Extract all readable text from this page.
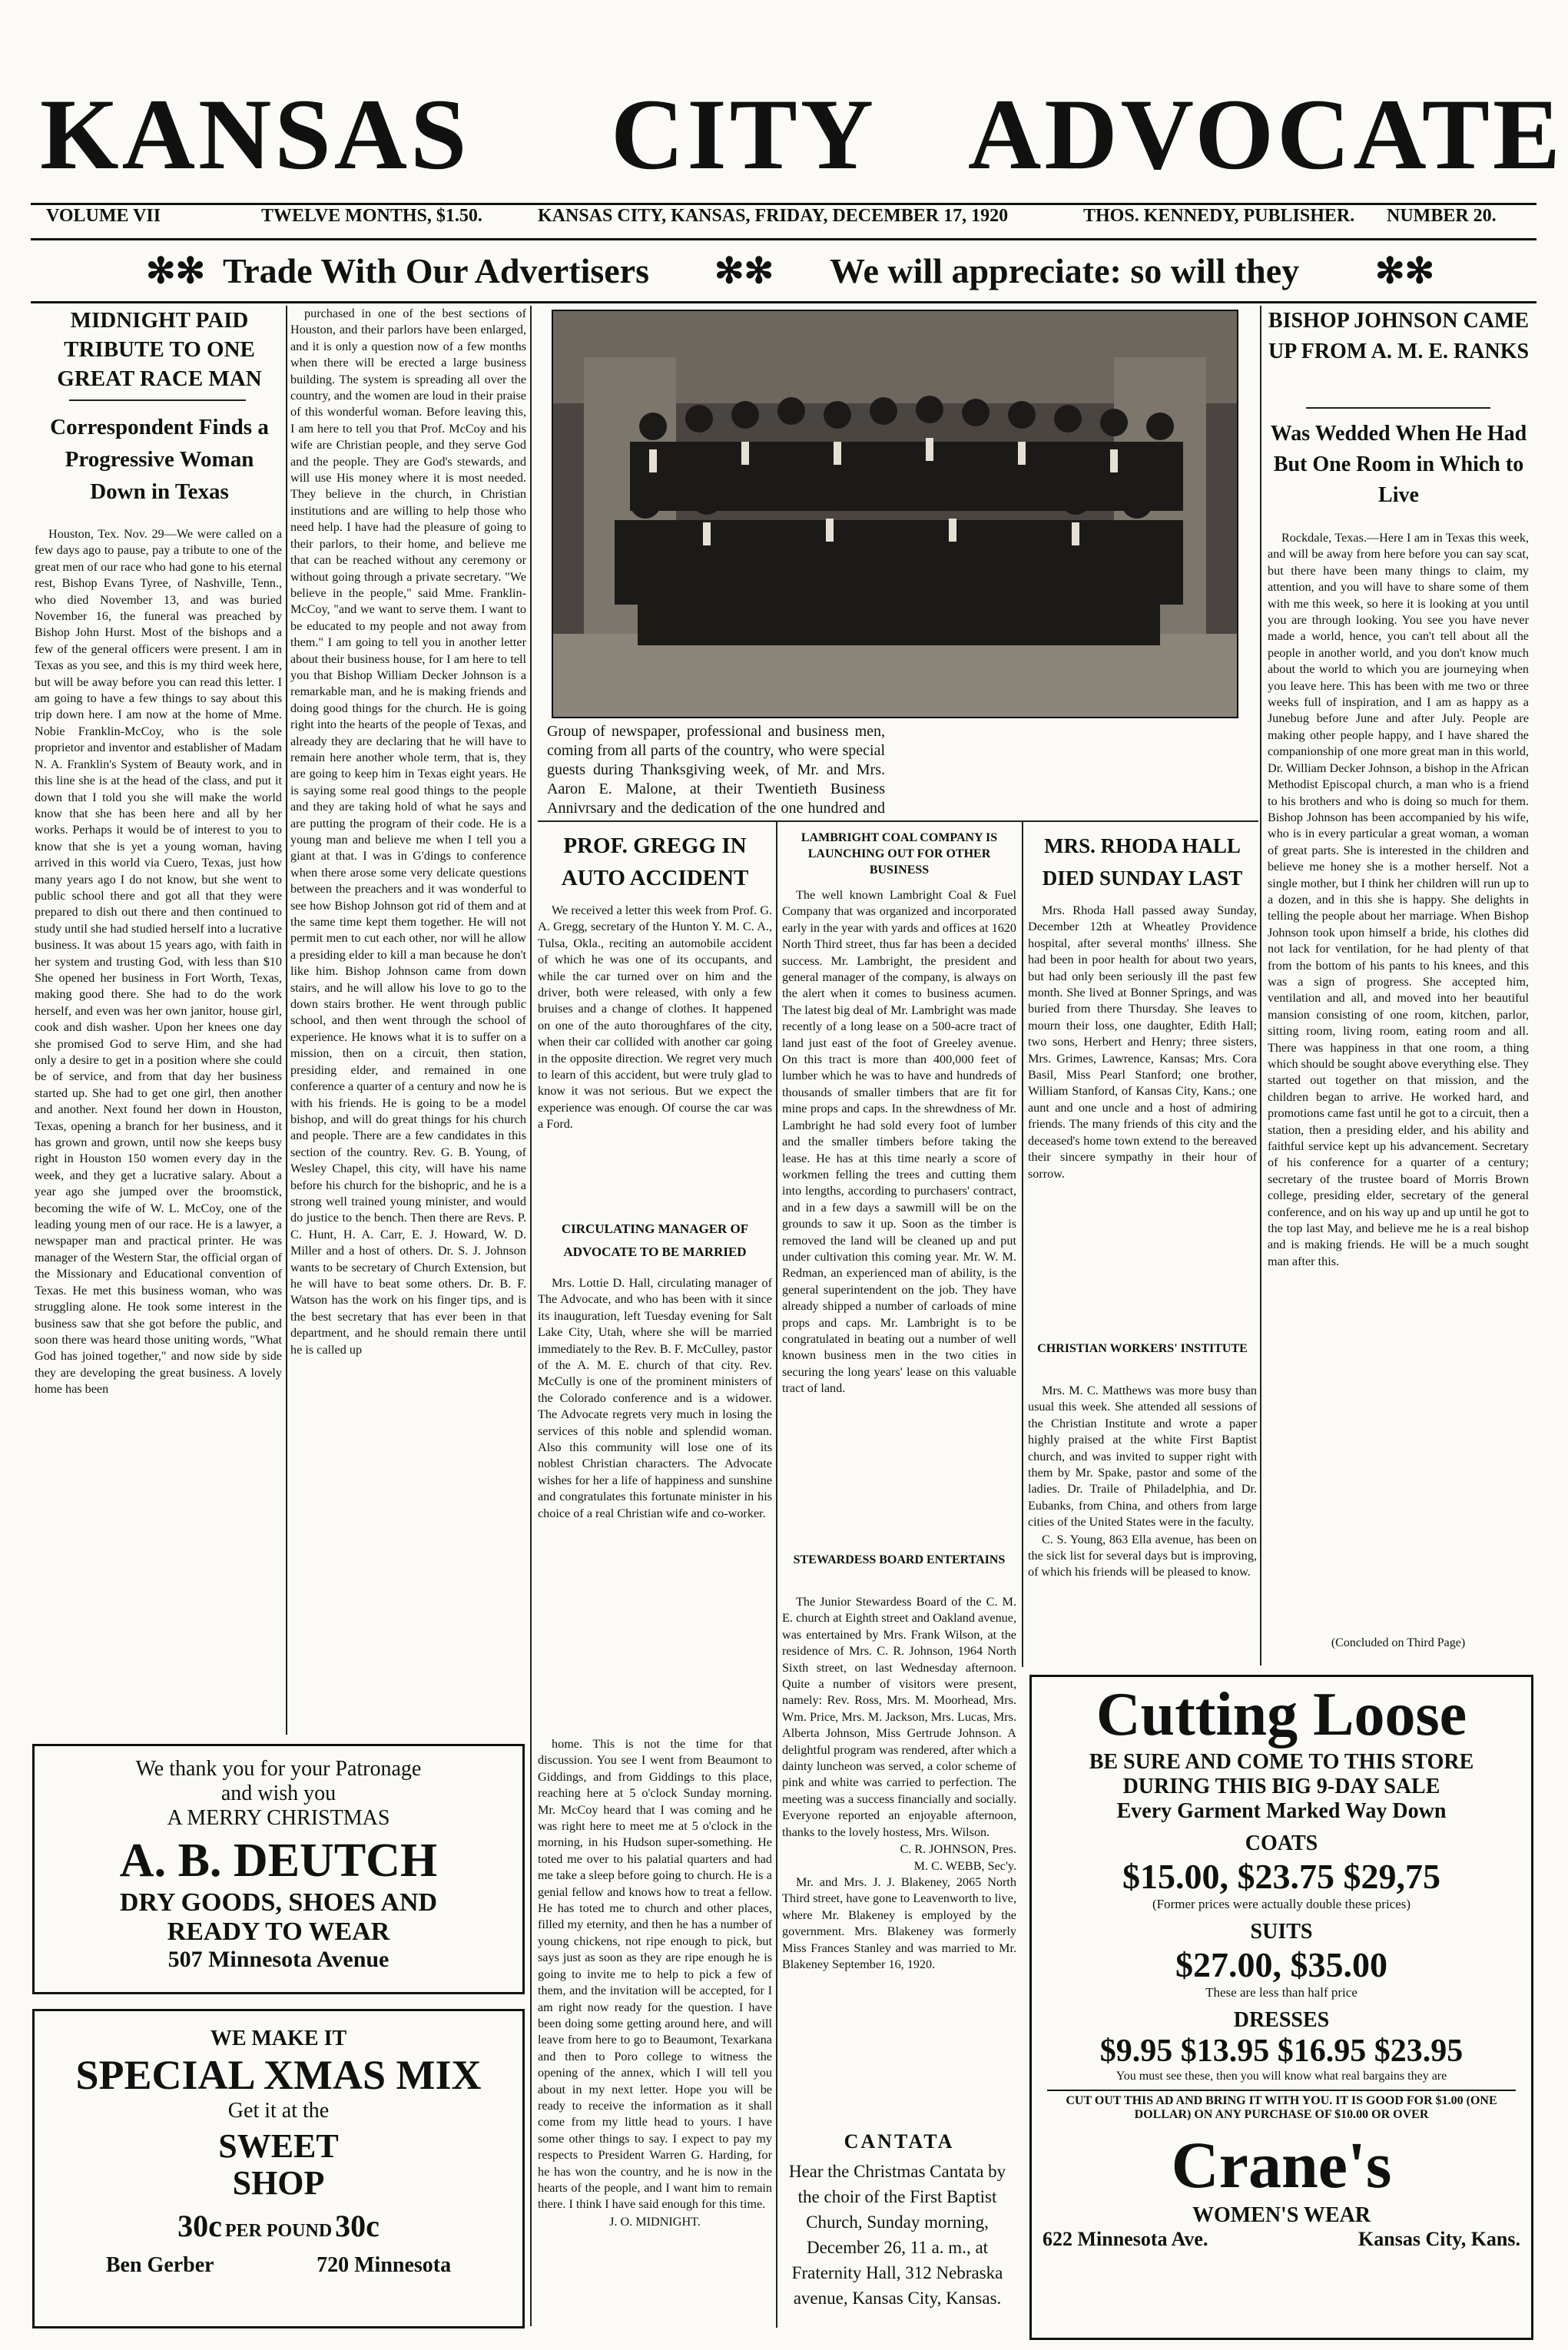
KANSAS CITY ADVOCATE
VOLUME VII	TWELVE MONTHS, $1.50.	KANSAS CITY, KANSAS, FRIDAY, DECEMBER 17, 1920	THOS. KENNEDY, PUBLISHER. NUMBER 20.
✻✻ Trade With Our Advertisers ✻✻ We will appreciate: so will they ✻✻
MIDNIGHT PAID TRIBUTE TO ONE GREAT RACE MAN
Correspondent Finds a Progressive Woman Down in Texas

Houston, Tex. Nov. 29—We were called on a few days ago to pause, pay a tribute to one of the great men of our race who had gone to his eternal rest, Bishop Evans Tyree, of Nashville, Tenn., who died November 13, and was buried November 16, the funeral was preached by Bishop John Hurst. Most of the bishops and a few of the general officers were present. I am in Texas as you see, and this is my third week here, but will be away before you can read this letter. I am going to have a few things to say about this trip down here. I am now at the home of Mme. Nobie Franklin-McCoy, who is the sole proprietor and inventor and establisher of Madam N. A. Franklin's System of Beauty work, and in this line she is at the head of the class, and put it down that I told you she will make the world know that she has been here and all by her works. Perhaps it would be of interest to you to know that she is yet a young woman, having arrived in this world via Cuero, Texas, just how many years ago I do not know, but she went to public school there and got all that they were prepared to dish out there and then continued to study until she had studied herself into a lucrative business. It was about 15 years ago, with faith in her system and trusting God, with less than $10 She opened her business in Fort Worth, Texas, making good there. She had to do the work herself, and even was her own janitor, house girl, cook and dish washer. Upon her knees one day she promised God to serve Him, and she had only a desire to get in a position where she could be of service, and from that day her business started up. She had to get one girl, then another and another. Next found her down in Houston, Texas, opening a branch for her business, and it has grown and grown, until now she keeps busy right in Houston 150 women every day in the week, and they get a lucrative salary. About a year ago she jumped over the broomstick, becoming the wife of W. L. McCoy, one of the leading young men of our race. He is a lawyer, a newspaper man and practical printer. He was manager of the Western Star, the official organ of the Missionary and Educational convention of Texas. He met this business woman, who was struggling alone. He took some interest in the business saw that she got before the public, and soon there was heard those uniting words, "What God has joined together," and now side by side they are developing the great business. A lovely home has been

purchased in one of the best sections of Houston, and their parlors have been enlarged, and it is only a question now of a few months when there will be erected a large business building. The system is spreading all over the country, and the women are loud in their praise of this wonderful woman. Before leaving this, I am here to tell you that Prof. McCoy and his wife are Christian people, and they serve God and the people. They are God's stewards, and will use His money where it is most needed. They believe in the church, in Christian institutions and are willing to help those who need help. I have had the pleasure of going to their parlors, to their home, and believe me that can be reached without any ceremony or without going through a private secretary. "We believe in the people," said Mme. Franklin-McCoy, "and we want to serve them. I want to be educated to my people and not away from them." I am going to tell you in another letter about their business house, for I am here to tell you that Bishop William Decker Johnson is a remarkable man, and he is making friends and doing good things for the church. He is going right into the hearts of the people of Texas, and already they are declaring that he will have to remain here another whole term, that is, they are going to keep him in Texas eight years. He is saying some real good things to the people and they are taking hold of what he says and are putting the program of their code. He is a young man and believe me when I tell you a giant at that. I was in G'dings to conference when there arose some very delicate questions between the preachers and it was wonderful to see how Bishop Johnson got rid of them and at the same time kept them together. He will not permit men to cut each other, nor will he allow a presiding elder to kill a man because he don't like him. Bishop Johnson came from down stairs, and he will allow his love to go to the down stairs brother. He went through public school, and then went through the school of experience. He knows what it is to suffer on a mission, then on a circuit, then station, presiding elder, and remained in one conference a quarter of a century and now he is with his friends. He is going to be a model bishop, and will do great things for his church and people. There are a few candidates in this section of the country. Rev. G. B. Young, of Wesley Chapel, this city, will have his name before his church for the bishopric, and he is a strong well trained young minister, and would do justice to the bench. Then there are Revs. P. C. Hunt, H. A. Carr, E. J. Howard, W. D. Miller and a host of others. Dr. S. J. Johnson wants to be secretary of Church Extension, but he will have to beat some others. Dr. B. F. Watson has the work on his finger tips, and is the best secretary that has ever been in that department, and he should remain there until he is called up

Group of newspaper, professional and business men, coming from all parts of the country, who were special guests during Thanksgiving week, of Mr. and Mrs. Aaron E. Malone, at their Twentieth Business Annivrsary and the dedication of the one hundred and
PROF. GREGG IN AUTO ACCIDENT

We received a letter this week from Prof. G. A. Gregg, secretary of the Hunton Y. M. C. A., Tulsa, Okla., reciting an automobile accident of which he was one of its occupants, and while the car turned over on him and the driver, both were released, with only a few bruises and a change of clothes. It happened on one of the auto thoroughfares of the city, when their car collided with another car going in the opposite direction. We regret very much to learn of this accident, but were truly glad to know it was not serious. But we expect the experience was enough. Of course the car was a Ford.

CIRCULATING MANAGER OF ADVOCATE TO BE MARRIED

Mrs. Lottie D. Hall, circulating manager of The Advocate, and who has been with it since its inauguration, left Tuesday evening for Salt Lake City, Utah, where she will be married immediately to the Rev. B. F. McCulley, pastor of the A. M. E. church of that city. Rev. McCully is one of the prominent ministers of the Colorado conference and is a widower. The Advocate regrets very much in losing the services of this noble and splendid woman. Also this community will lose one of its noblest Christian characters. The Advocate wishes for her a life of happiness and sunshine and congratulates this fortunate minister in his choice of a real Christian wife and co-worker.

home. This is not the time for that discussion. You see I went from Beaumont to Giddings, and from Giddings to this place, reaching here at 5 o'clock Sunday morning. Mr. McCoy heard that I was coming and he was right here to meet me at 5 o'clock in the morning, in his Hudson super-something. He toted me over to his palatial quarters and had me take a sleep before going to church. He is a genial fellow and knows how to treat a fellow. He has toted me to church and other places, filled my eternity, and then he has a number of young chickens, not ripe enough to pick, but says just as soon as they are ripe enough he is going to invite me to help to pick a few of them, and the invitation will be accepted, for I am right now ready for the question. I have been doing some getting around here, and will leave from here to go to Beaumont, Texarkana and then to Poro college to witness the opening of the annex, which I will tell you about in my next letter. Hope you will be ready to receive the information as it shall come from my little head to yours. I have some other things to say. I expect to pay my respects to President Warren G. Harding, for he has won the country, and he is now in the hearts of the people, and I want him to remain there. I think I have said enough for this time.

J. O. MIDNIGHT.
LAMBRIGHT COAL COMPANY IS LAUNCHING OUT FOR OTHER BUSINESS

The well known Lambright Coal & Fuel Company that was organized and incorporated early in the year with yards and offices at 1620 North Third street, thus far has been a decided success. Mr. Lambright, the president and general manager of the company, is always on the alert when it comes to business acumen. The latest big deal of Mr. Lambright was made recently of a long lease on a 500-acre tract of land just east of the foot of Greeley avenue. On this tract is more than 400,000 feet of lumber which he was to have and hundreds of thousands of smaller timbers that are fit for mine props and caps. In the shrewdness of Mr. Lambright he had sold every foot of lumber and the smaller timbers before taking the lease. He has at this time nearly a score of workmen felling the trees and cutting them into lengths, according to purchasers' contract, and in a few days a sawmill will be on the grounds to saw it up. Soon as the timber is removed the land will be cleaned up and put under cultivation this coming year. Mr. W. M. Redman, an experienced man of ability, is the general superintendent on the job. They have already shipped a number of carloads of mine props and caps. Mr. Lambright is to be congratulated in beating out a number of well known business men in the two cities in securing the long years' lease on this valuable tract of land.

STEWARDESS BOARD ENTERTAINS

The Junior Stewardess Board of the C. M. E. church at Eighth street and Oakland avenue, was entertained by Mrs. Frank Wilson, at the residence of Mrs. C. R. Johnson, 1964 North Sixth street, on last Wednesday afternoon. Quite a number of visitors were present, namely: Rev. Ross, Mrs. M. Moorhead, Mrs. Wm. Price, Mrs. M. Jackson, Mrs. Lucas, Mrs. Alberta Johnson, Miss Gertrude Johnson. A delightful program was rendered, after which a dainty luncheon was served, a color scheme of pink and white was carried to perfection. The meeting was a success financially and socially. Everyone reported an enjoyable afternoon, thanks to the lovely hostess, Mrs. Wilson.

C. R. JOHNSON, Pres.
M. C. WEBB, Sec'y.

Mr. and Mrs. J. J. Blakeney, 2065 North Third street, have gone to Leavenworth to live, where Mr. Blakeney is employed by the government. Mrs. Blakeney was formerly Miss Frances Stanley and was married to Mr. Blakeney September 16, 1920.

CANTATA
Hear the Christmas Cantata by the choir of the First Baptist Church, Sunday morning, December 26, 11 a. m., at Fraternity Hall, 312 Nebraska avenue, Kansas City, Kansas.
MRS. RHODA HALL DIED SUNDAY LAST

Mrs. Rhoda Hall passed away Sunday, December 12th at Wheatley Providence hospital, after several months' illness. She had been in poor health for about two years, but had only been seriously ill the past few month. She lived at Bonner Springs, and was buried from there Thursday. She leaves to mourn their loss, one daughter, Edith Hall; two sons, Herbert and Henry; three sisters, Mrs. Grimes, Lawrence, Kansas; Mrs. Cora Basil, Miss Pearl Stanford; one brother, William Stanford, of Kansas City, Kans.; one aunt and one uncle and a host of admiring friends. The many friends of this city and the deceased's home town extend to the bereaved their sincere sympathy in their hour of sorrow.

CHRISTIAN WORKERS' INSTITUTE

Mrs. M. C. Matthews was more busy than usual this week. She attended all sessions of the Christian Institute and wrote a paper highly praised at the white First Baptist church, and was invited to supper right with them by Mr. Spake, pastor and some of the ladies. Dr. Traile of Philadelphia, and Dr. Eubanks, from China, and others from large cities of the United States were in the faculty.

C. S. Young, 863 Ella avenue, has been on the sick list for several days but is improving, of which his friends will be pleased to know.

BISHOP JOHNSON CAME UP FROM A. M. E. RANKS
Was Wedded When He Had But One Room in Which to Live

Rockdale, Texas.—Here I am in Texas this week, and will be away from here before you can say scat, but there have been many things to claim, my attention, and you will have to share some of them with me this week, so here it is looking at you until you are through looking. You see you have never made a world, hence, you can't tell about all the people in another world, and you don't know much about the world to which you are journeying when you leave here. This has been with me two or three weeks full of inspiration, and I am as happy as a Junebug before June and after July. People are making other people happy, and I have shared the companionship of one more great man in this world, Dr. William Decker Johnson, a bishop in the African Methodist Episcopal church, a man who is a friend to his brothers and who is doing so much for them. Bishop Johnson has been accompanied by his wife, who is in every particular a great woman, a woman of great parts. She is interested in the children and believe me honey she is a mother herself. Not a single mother, but I think her children will run up to a dozen, and in this she is happy. She delights in telling the people about her marriage. When Bishop Johnson took upon himself a bride, his clothes did not lack for ventilation, for he had plenty of that from the bottom of his pants to his knees, and this was a sign of progress. She accepted him, ventilation and all, and moved into her beautiful mansion consisting of one room, kitchen, parlor, sitting room, living room, eating room and all. There was happiness in that one room, a thing which should be sought above everything else. They started out together on that mission, and the children began to arrive. He worked hard, and promotions came fast until he got to a circuit, then a station, then a presiding elder, and his ability and faithful service kept up his advancement. Secretary of his conference for a quarter of a century; secretary of the trustee board of Morris Brown college, presiding elder, secretary of the general conference, and on his way up and up until he got to the top last May, and believe me he is a real bishop and is making friends. He will be a much sought man after this.

(Concluded on Third Page)
We thank you for your Patronage
and wish you
A MERRY CHRISTMAS
A. B. DEUTCH
DRY GOODS, SHOES AND
READY TO WEAR
507 Minnesota Avenue
WE MAKE IT
SPECIAL XMAS MIX
Get it at the
SWEET
SHOP
30c PER POUND 30c
Ben Gerber	720 Minnesota
Cutting Loose
BE SURE AND COME TO THIS STORE
DURING THIS BIG 9-DAY SALE
Every Garment Marked Way Down
COATS
$15.00, $23.75 $29,75
(Former prices were actually double these prices)
SUITS
$27.00, $35.00
These are less than half price
DRESSES
$9.95 $13.95 $16.95 $23.95
You must see these, then you will know what real bargains they are
CUT OUT THIS AD AND BRING IT WITH YOU. IT IS GOOD FOR $1.00 (ONE DOLLAR) ON ANY PURCHASE OF $10.00 OR OVER
Crane's
WOMEN'S WEAR
622 Minnesota Ave.	Kansas City, Kans.
